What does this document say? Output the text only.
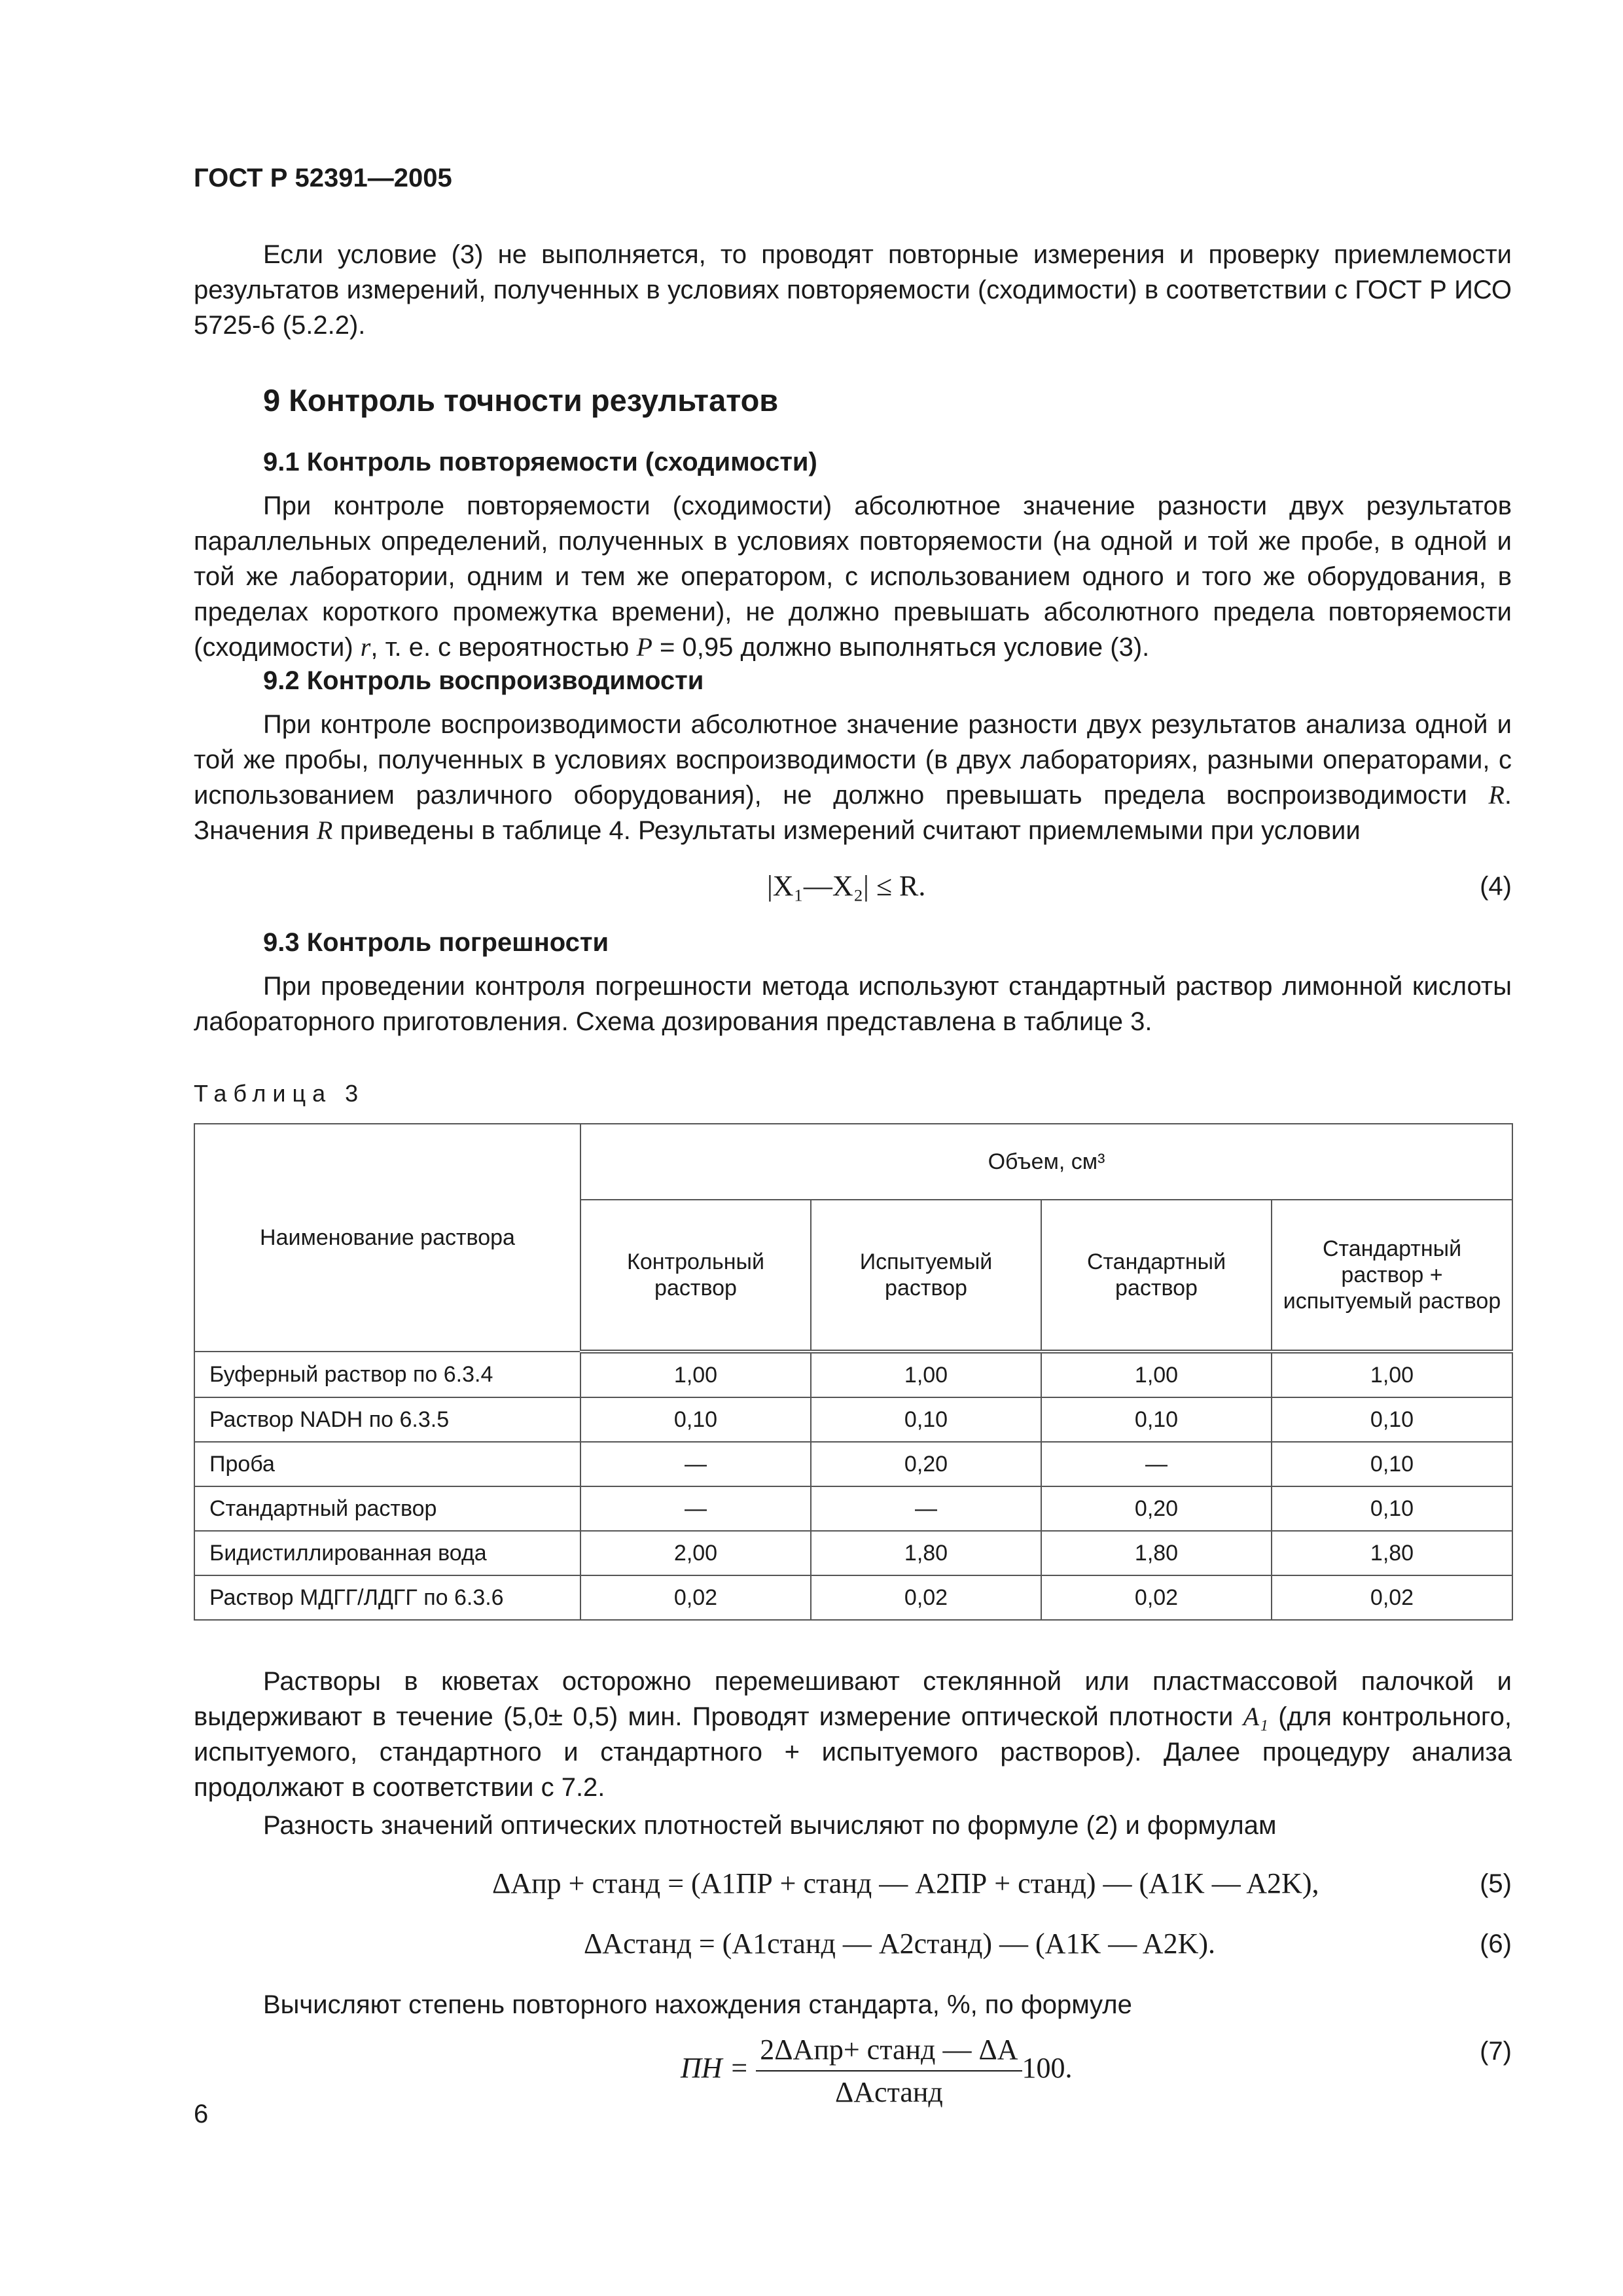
ГОСТ Р 52391—2005

Если условие (3) не выполняется, то проводят повторные измерения и проверку приемлемости результатов измерений, полученных в условиях повторяемости (сходимости) в соответствии с ГОСТ Р ИСО 5725-6 (5.2.2).

9 Контроль точности результатов
9.1 Контроль повторяемости (сходимости)

При контроле повторяемости (сходимости) абсолютное значение разности двух результатов параллельных определений, полученных в условиях повторяемости (на одной и той же пробе, в одной и той же лаборатории, одним и тем же оператором, с использованием одного и того же оборудования, в пределах короткого промежутка времени), не должно превышать абсолютного предела повторяемости (сходимости) r, т. е. с вероятностью P = 0,95 должно выполняться условие (3).

9.2 Контроль воспроизводимости

При контроле воспроизводимости абсолютное значение разности двух результатов анализа одной и той же пробы, полученных в условиях воспроизводимости (в двух лабораториях, разными операторами, с использованием различного оборудования), не должно превышать предела воспроизводимости R. Значения R приведены в таблице 4. Результаты измерений считают приемлемыми при условии

|X₁—X₂| ≤ R.	(4)
9.3 Контроль погрешности

При проведении контроля погрешности метода используют стандартный раствор лимонной кислоты лабораторного приготовления. Схема дозирования представлена в таблице 3.

Таблица 3
Наименование раствора	Объем, см³			
	Контрольный раствор	Испытуемый раствор	Стандартный раствор	Стандартный раствор + испытуемый раствор
Буферный раствор по 6.3.4	1,00	1,00	1,00	1,00
Раствор NADH по 6.3.5	0,10	0,10	0,10	0,10
Проба	—	0,20	—	0,10
Стандартный раствор	—	—	0,20	0,10
Бидистиллированная вода	2,00	1,80	1,80	1,80
Раствор МДГГ/ЛДГГ по 6.3.6	0,02	0,02	0,02	0,02

Растворы в кюветах осторожно перемешивают стеклянной или пластмассовой палочкой и выдерживают в течение (5,0± 0,5) мин. Проводят измерение оптической плотности A₁ (для контрольного, испытуемого, стандартного и стандартного + испытуемого растворов). Далее процедуру анализа продолжают в соответствии с 7.2.

Разность значений оптических плотностей вычисляют по формуле (2) и формулам

ΔAпр + станд = (A1ПР + станд — A2ПР + станд) — (A1K — A2K),	(5)
ΔAстанд = (A1станд — A2станд) — (A1K — A2K).	(6)

Вычисляют степень повторного нахождения стандарта, %, по формуле

ПН = $\frac{\text{2ΔAпр+ станд — ΔA}}{\text{ΔAстанд}} 100$.
(7)
6
